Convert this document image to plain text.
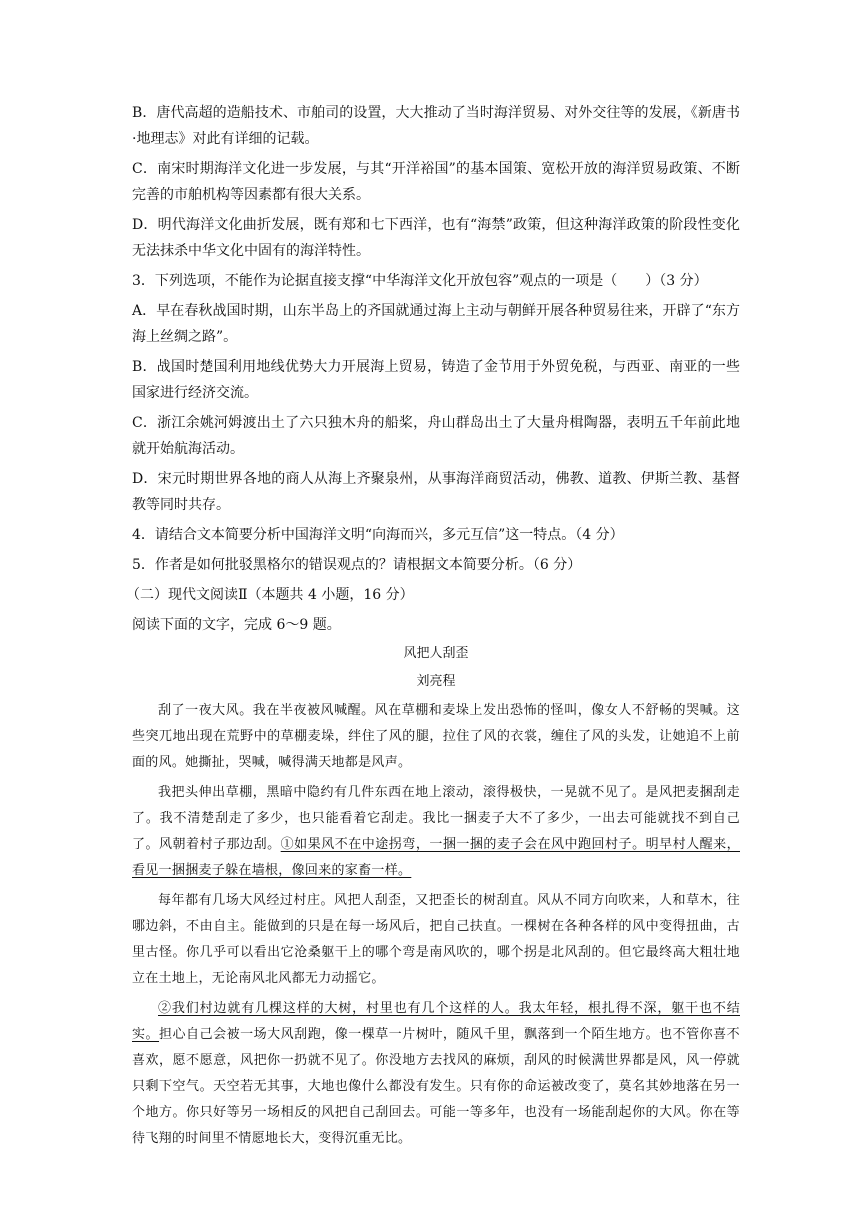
B．唐代高超的造船技术、市舶司的设置，大大推动了当时海洋贸易、对外交往等的发展，《新唐书·地理志》对此有详细的记载。

C．南宋时期海洋文化进一步发展，与其“开洋裕国”的基本国策、宽松开放的海洋贸易政策、不断完善的市舶机构等因素都有很大关系。

D．明代海洋文化曲折发展，既有郑和七下西洋，也有“海禁”政策，但这种海洋政策的阶段性变化无法抹杀中华文化中固有的海洋特性。

3．下列选项，不能作为论据直接支撑“中华海洋文化开放包容”观点的一项是（　　）（3 分）

A．早在春秋战国时期，山东半岛上的齐国就通过海上主动与朝鲜开展各种贸易往来，开辟了“东方海上丝绸之路”。

B．战国时楚国利用地线优势大力开展海上贸易，铸造了金节用于外贸免税，与西亚、南亚的一些国家进行经济交流。

C．浙江余姚河姆渡出土了六只独木舟的船桨，舟山群岛出土了大量舟楫陶器，表明五千年前此地就开始航海活动。

D．宋元时期世界各地的商人从海上齐聚泉州，从事海洋商贸活动，佛教、道教、伊斯兰教、基督教等同时共存。

4．请结合文本简要分析中国海洋文明“向海而兴，多元互信”这一特点。（4 分）

5．作者是如何批驳黑格尔的错误观点的？请根据文本简要分析。（6 分）

（二）现代文阅读Ⅱ（本题共 4 小题，16 分）

阅读下面的文字，完成 6～9 题。

风把人刮歪

刘亮程

刮了一夜大风。我在半夜被风喊醒。风在草棚和麦垛上发出恐怖的怪叫，像女人不舒畅的哭喊。这些突兀地出现在荒野中的草棚麦垛，绊住了风的腿，拉住了风的衣裳，缠住了风的头发，让她追不上前面的风。她撕扯，哭喊，喊得满天地都是风声。

我把头伸出草棚，黑暗中隐约有几件东西在地上滚动，滚得极快，一晃就不见了。是风把麦捆刮走了。我不清楚刮走了多少，也只能看着它刮走。我比一捆麦子大不了多少，一出去可能就找不到自己了。风朝着村子那边刮。①如果风不在中途拐弯，一捆一捆的麦子会在风中跑回村子。明早村人醒来，看见一捆捆麦子躲在墙根，像回来的家畜一样。

每年都有几场大风经过村庄。风把人刮歪，又把歪长的树刮直。风从不同方向吹来，人和草木，往哪边斜，不由自主。能做到的只是在每一场风后，把自己扶直。一棵树在各种各样的风中变得扭曲，古里古怪。你几乎可以看出它沧桑躯干上的哪个弯是南风吹的，哪个拐是北风刮的。但它最终高大粗壮地立在土地上，无论南风北风都无力动摇它。

②我们村边就有几棵这样的大树，村里也有几个这样的人。我太年轻，根扎得不深，躯干也不结实。担心自己会被一场大风刮跑，像一棵草一片树叶，随风千里，飘落到一个陌生地方。也不管你喜不喜欢，愿不愿意，风把你一扔就不见了。你没地方去找风的麻烦，刮风的时候满世界都是风，风一停就只剩下空气。天空若无其事，大地也像什么都没有发生。只有你的命运被改变了，莫名其妙地落在另一个地方。你只好等另一场相反的风把自己刮回去。可能一等多年，也没有一场能刮起你的大风。你在等待飞翔的时间里不情愿地长大，变得沉重无比。
